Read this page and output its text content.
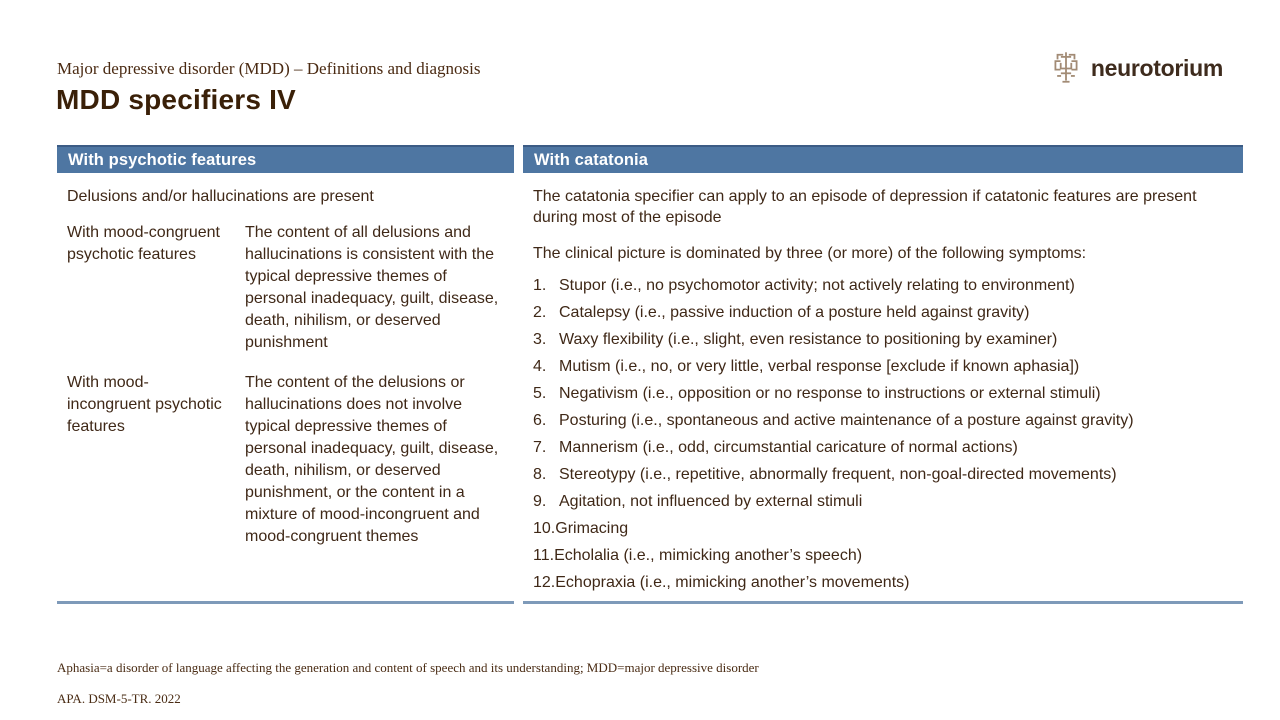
Major depressive disorder (MDD) – Definitions and diagnosis
MDD specifiers IV
neurotorium
With psychotic features
Delusions and/or hallucinations are present
With mood-congruent psychotic features
The content of all delusions and hallucinations is consistent with the typical depressive themes of personal inadequacy, guilt, disease, death, nihilism, or deserved punishment
With mood-incongruent psychotic features
The content of the delusions or hallucinations does not involve typical depressive themes of personal inadequacy, guilt, disease, death, nihilism, or deserved punishment, or the content in a mixture of mood-incongruent and mood-congruent themes
With catatonia
The catatonia specifier can apply to an episode of depression if catatonic features are present during most of the episode
The clinical picture is dominated by three (or more) of the following symptoms:
1. Stupor (i.e., no psychomotor activity; not actively relating to environment)
2. Catalepsy (i.e., passive induction of a posture held against gravity)
3. Waxy flexibility (i.e., slight, even resistance to positioning by examiner)
4. Mutism (i.e., no, or very little, verbal response [exclude if known aphasia])
5. Negativism (i.e., opposition or no response to instructions or external stimuli)
6. Posturing (i.e., spontaneous and active maintenance of a posture against gravity)
7. Mannerism (i.e., odd, circumstantial caricature of normal actions)
8. Stereotypy (i.e., repetitive, abnormally frequent, non-goal-directed movements)
9. Agitation, not influenced by external stimuli
10. Grimacing
11. Echolalia (i.e., mimicking another’s speech)
12. Echopraxia (i.e., mimicking another’s movements)
Aphasia=a disorder of language affecting the generation and content of speech and its understanding; MDD=major depressive disorder
APA. DSM-5-TR. 2022
